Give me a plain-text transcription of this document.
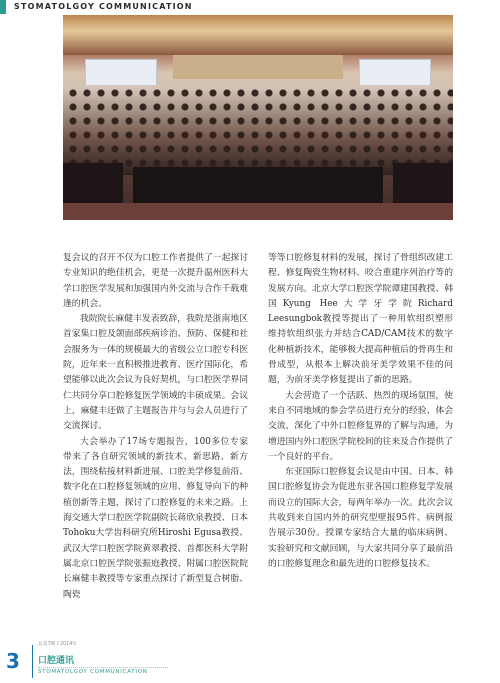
STOMATOLGOY COMMUNICATION

复会议的召开不仅为口腔工作者提供了一起探讨专业知识的绝佳机会，更是一次提升温州医科大学口腔医学发展和加强国内外交流与合作千载难逢的机会。

我院院长麻健丰发表致辞，我院是浙南地区首家集口腔及颌面部疾病诊治、预防、保健和社会服务为一体的规模最大的省级公立口腔专科医院，近年来一直积极推进教育、医疗国际化，希望能够以此次会议为良好契机，与口腔医学界同仁共同分享口腔修复医学领域的丰硕成果。会议上，麻健丰还做了主题报告并与与会人员进行了交流探讨。

大会举办了17场专题报告，100多位专家带来了各自研究领域的新技术、新思路、新方法，围绕粘接材料新进展、口腔美学修复前沿、数字化在口腔修复领域的应用、修复导向下的种植创新等主题，探讨了口腔修复的未来之路。上海交通大学口腔医学院副院长蒋欣泉教授、日本Tohoku大学齿科研究所Hiroshi Egusa教授、武汉大学口腔医学院黄翠教授、首都医科大学附属北京口腔医学院张振庭教授、附属口腔医院院长麻健丰教授等专家重点探讨了新型复合树脂、陶瓷

等等口腔修复材料的发展，探讨了骨组织改建工程、修复陶瓷生物材料、咬合重建序列治疗等的发展方向。北京大学口腔医学院谭建国教授、韩国Kyung Hee大学牙学院Richard Leesungbok教授等提出了一种用软组织塑形维持软组织张力并结合CAD/CAM技术的数字化种植新技术，能够极大提高种植后的骨再生和骨成型，从根本上解决前牙美学效果不佳的问题，为前牙美学修复提出了新的思路。

大会营造了一个活跃、热烈的现场氛围，使来自不同地域的参会学员进行充分的经验、体会交流，深化了中外口腔修复界的了解与沟通，为增进国内外口腔医学院校间的往来及合作提供了一个良好的平台。

东亚国际口腔修复会议是由中国、日本、韩国口腔修复协会为促进东亚各国口腔修复学发展而设立的国际大会，每两年举办一次。此次会议共收到来自国内外的研究型壁报95件、病例报告展示30份。授课专家结合大量的临床病例、实验研究和文献回顾，与大家共同分享了最前沿的口腔修复理念和最先进的口腔修复技术。

3
总第7期 / 2014年
口腔通讯
STOMATOLGOY COMMUNICATION
